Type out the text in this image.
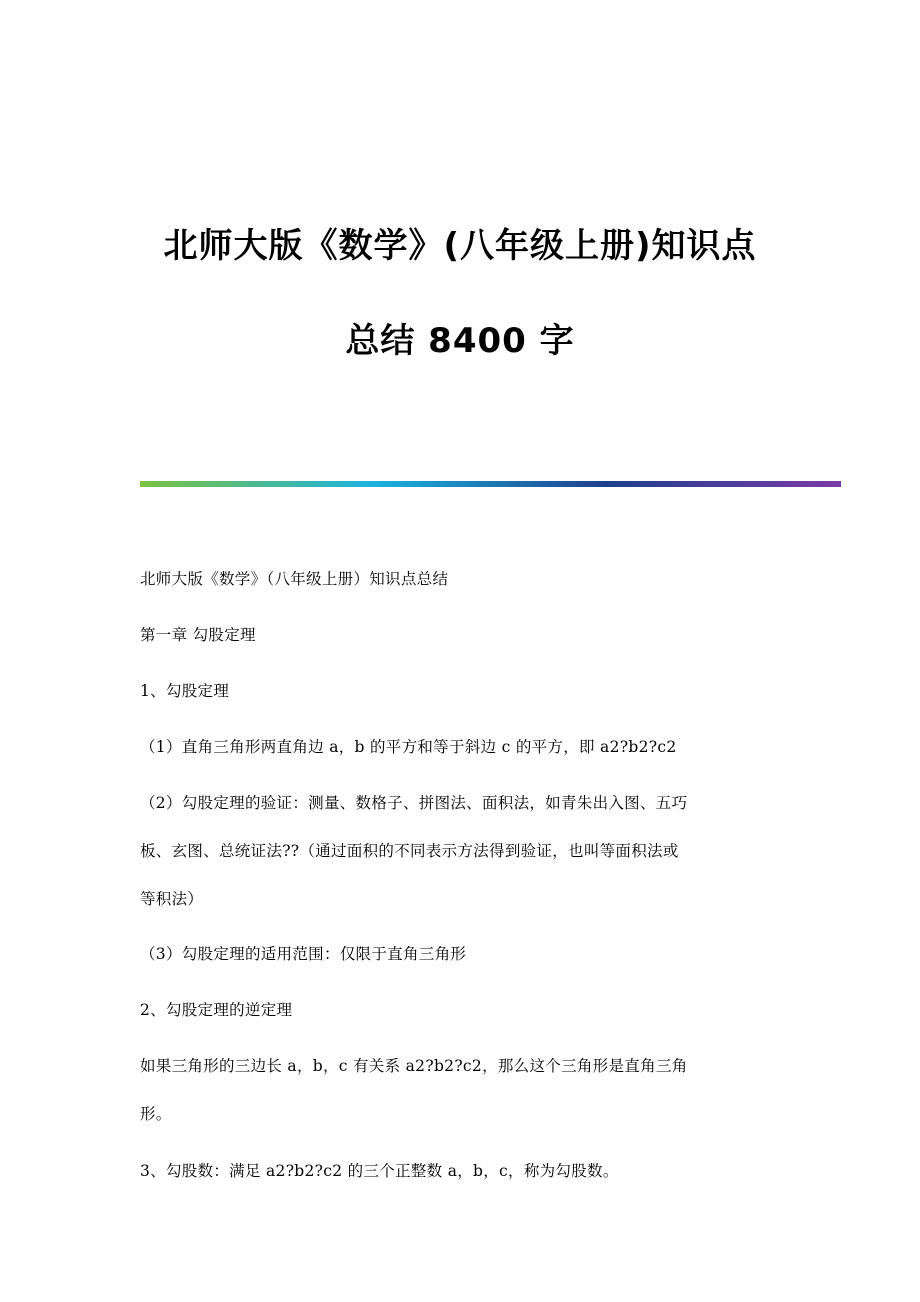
北师大版《数学》(八年级上册)知识点
总结 8400 字
北师大版《数学》（八年级上册）知识点总结
第一章 勾股定理
1、勾股定理
（1）直角三角形两直角边 a，b 的平方和等于斜边 c 的平方，即 a2?b2?c2
（2）勾股定理的验证：测量、数格子、拼图法、面积法，如青朱出入图、五巧
板、玄图、总统证法??（通过面积的不同表示方法得到验证，也叫等面积法或
等积法）
（3）勾股定理的适用范围：仅限于直角三角形
2、勾股定理的逆定理
如果三角形的三边长 a，b，c 有关系 a2?b2?c2，那么这个三角形是直角三角
形。
3、勾股数：满足 a2?b2?c2 的三个正整数 a，b，c，称为勾股数。
